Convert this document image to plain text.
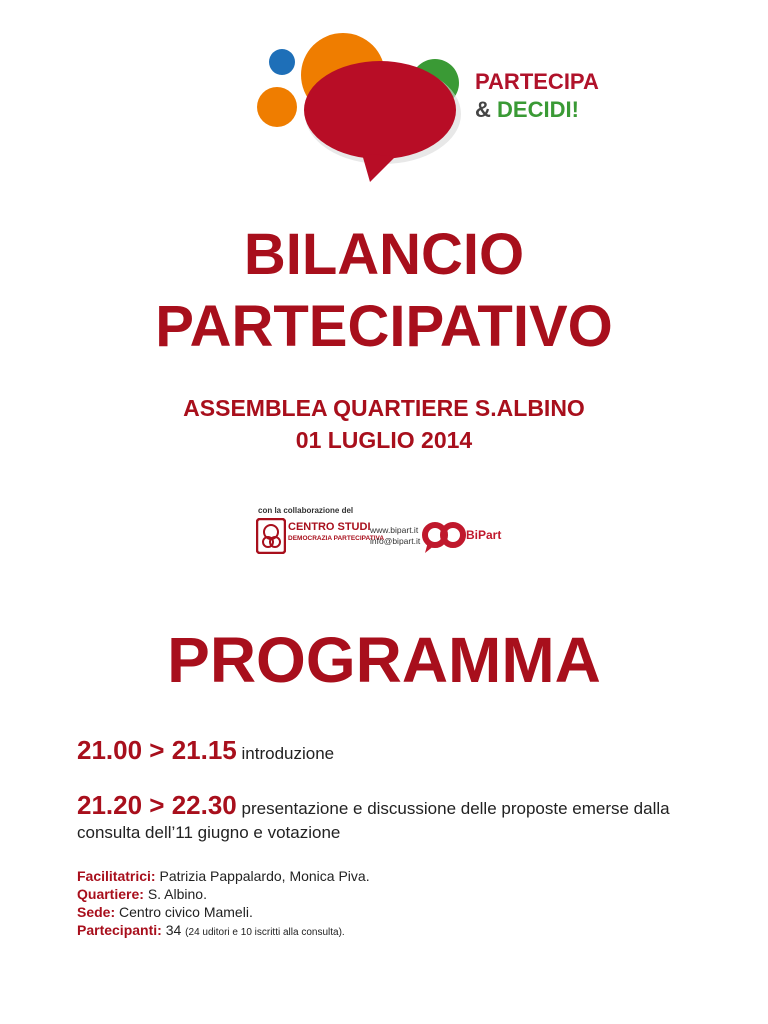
PARTECIPA
& DECIDI!
BILANCIO
PARTECIPATIVO
ASSEMBLEA QUARTIERE S.ALBINO
01 LUGLIO 2014
con la collaborazione del
CENTRO STUDI
DEMOCRAZIA PARTECIPATIVA
www.bipart.it
info@bipart.it	BiPart
PROGRAMMA
21.00 > 21.15 introduzione
21.20 > 22.30 presentazione e discussione delle proposte emerse dalla consulta dell’11 giugno e votazione
Facilitatrici: Patrizia Pappalardo, Monica Piva.
Quartiere: S. Albino.
Sede: Centro civico Mameli.
Partecipanti: 34 (24 uditori e 10 iscritti alla consulta).
